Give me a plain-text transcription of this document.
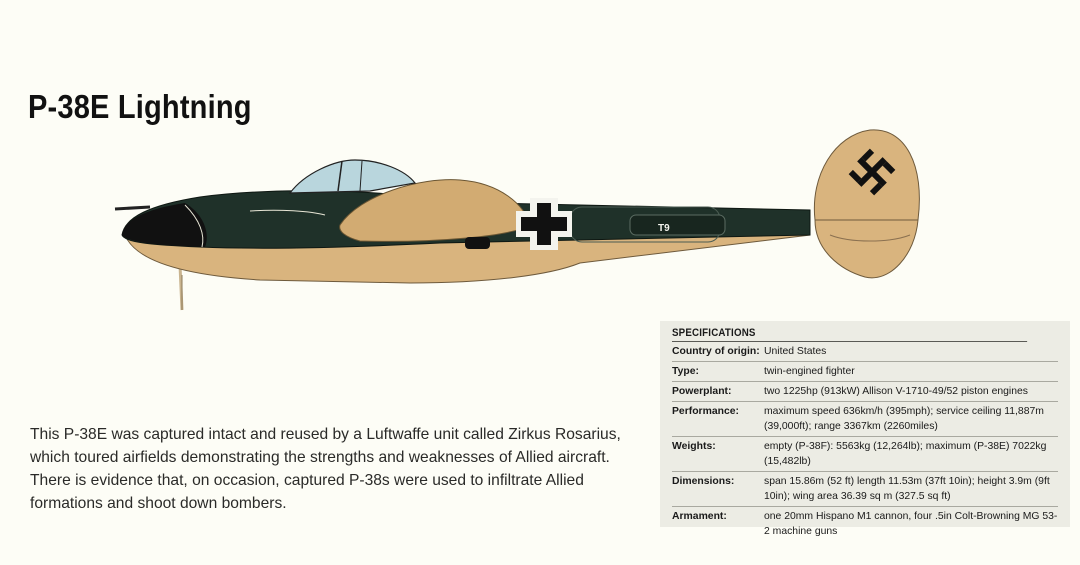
P-38E Lightning
T9

This P-38E was captured intact and reused by a Luftwaffe unit called Zirkus Rosarius, which toured airfields demonstrating the strengths and weaknesses of Allied aircraft. There is evidence that, on occasion, captured P-38s were used to infiltrate Allied formations and shoot down bombers.

SPECIFICATIONS
Country of origin: United States
Type:	twin-engined fighter
Powerplant:	two 1225hp (913kW) Allison V-1710-49/52 piston engines
Performance:	maximum speed 636km/h (395mph); service ceiling 11,887m (39,000ft); range 3367km (2260miles)
Weights:	empty (P-38F): 5563kg (12,264lb); maximum (P-38E) 7022kg (15,482lb)
Dimensions:	span 15.86m (52 ft) length 11.53m (37ft 10in); height 3.9m (9ft 10in); wing area 36.39 sq m (327.5 sq ft)
Armament:	one 20mm Hispano M1 cannon, four .5in Colt-Browning MG 53-2 machine guns
